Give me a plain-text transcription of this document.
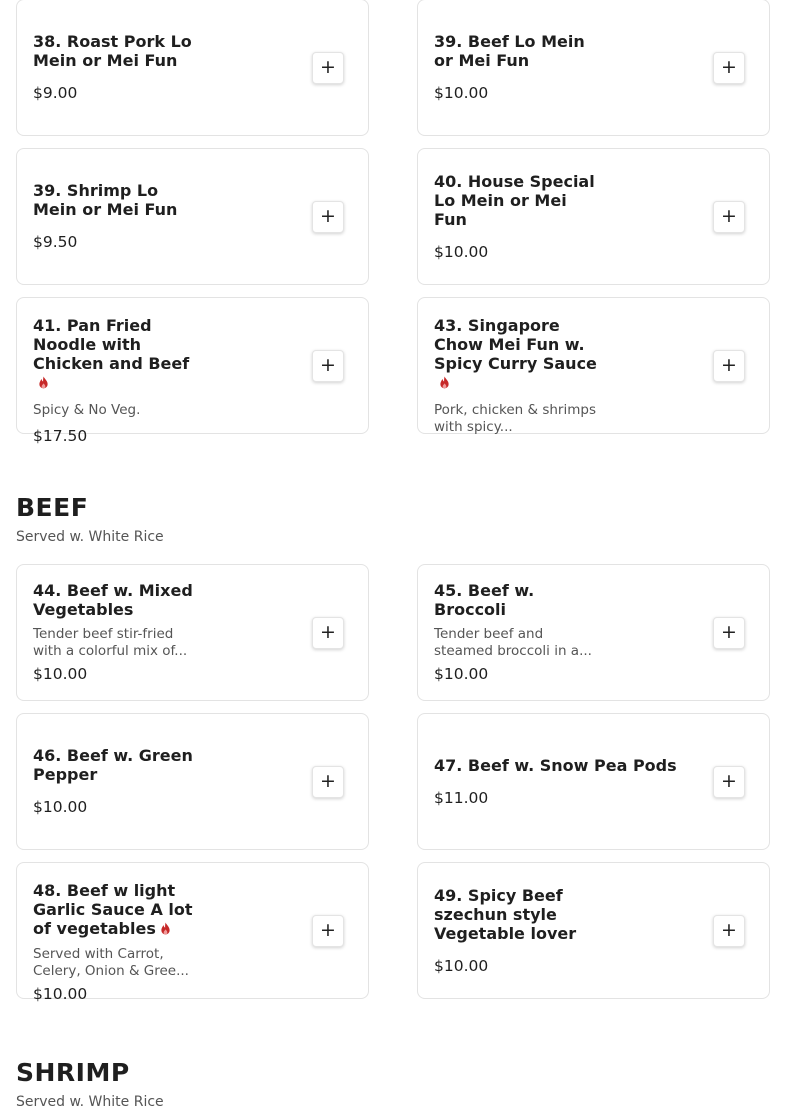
38. Roast Pork Lo Mein or Mei Fun
$9.00
+
39. Beef Lo Mein or Mei Fun
$10.00
+
39. Shrimp Lo Mein or Mei Fun
$9.50
+
40. House Special Lo Mein or Mei Fun
$10.00
+
41. Pan Fried Noodle with Chicken and Beef
Spicy & No Veg.
$17.50
+
43. Singapore Chow Mei Fun w. Spicy Curry Sauce
Pork, chicken & shrimps with spicy...
+
BEEF
Served w. White Rice
44. Beef w. Mixed Vegetables
Tender beef stir-fried with a colorful mix of...
$10.00
+
45. Beef w. Broccoli
Tender beef and steamed broccoli in a...
$10.00
+
46. Beef w. Green Pepper
$10.00
+
47. Beef w. Snow Pea Pods
$11.00
+
48. Beef w light Garlic Sauce A lot of vegetables
Served with Carrot, Celery, Onion & Gree...
$10.00
+
49. Spicy Beef szechun style Vegetable lover
$10.00
+
SHRIMP
Served w. White Rice
